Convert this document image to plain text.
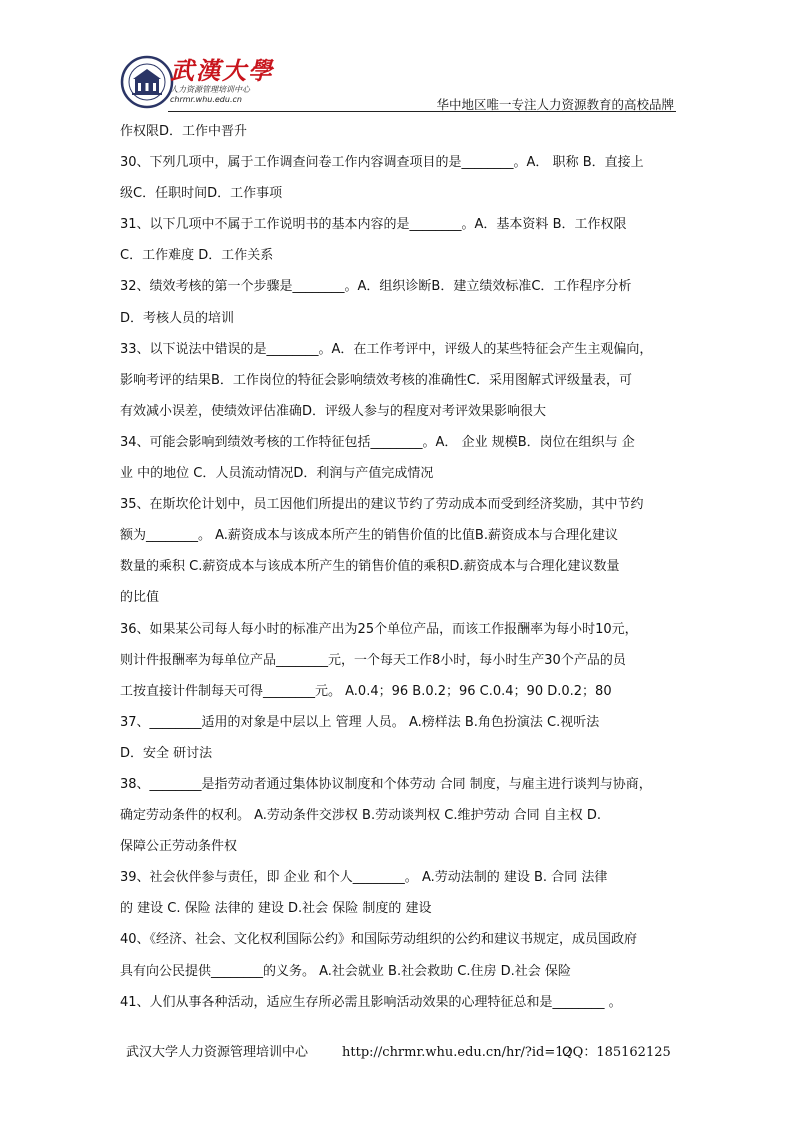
武漢大學
人力资源管理培训中心
chrmr.whu.edu.cn	华中地区唯一专注人力资源教育的高校品牌
作权限D．工作中晋升
30、下列几项中，属于工作调查问卷工作内容调查项目的是________。A． 职称 B．直接上
级C．任职时间D．工作事项
31、以下几项中不属于工作说明书的基本内容的是________。A．基本资料 B．工作权限
C．工作难度 D．工作关系
32、绩效考核的第一个步骤是________。A．组织诊断B．建立绩效标准C．工作程序分析
D．考核人员的培训
33、以下说法中错误的是________。A．在工作考评中，评级人的某些特征会产生主观偏向，
影响考评的结果B．工作岗位的特征会影响绩效考核的准确性C．采用图解式评级量表，可
有效减小误差，使绩效评估准确D．评级人参与的程度对考评效果影响很大
34、可能会影响到绩效考核的工作特征包括________。A． 企业 规模B．岗位在组织与 企
业 中的地位 C．人员流动情况D．利润与产值完成情况
35、在斯坎伦计划中，员工因他们所提出的建议节约了劳动成本而受到经济奖励，其中节约
额为________。 A.薪资成本与该成本所产生的销售价值的比值B.薪资成本与合理化建议
数量的乘积 C.薪资成本与该成本所产生的销售价值的乘积D.薪资成本与合理化建议数量
的比值
36、如果某公司每人每小时的标准产出为25个单位产品，而该工作报酬率为每小时10元，
则计件报酬率为每单位产品________元，一个每天工作8小时，每小时生产30个产品的员
工按直接计件制每天可得________元。 A.0.4；96 B.0.2；96 C.0.4；90 D.0.2；80
37、________适用的对象是中层以上 管理 人员。 A.榜样法 B.角色扮演法 C.视听法
D．安全 研讨法
38、________是指劳动者通过集体协议制度和个体劳动 合同 制度，与雇主进行谈判与协商，
确定劳动条件的权利。 A.劳动条件交涉权 B.劳动谈判权 C.维护劳动 合同 自主权 D.
保障公正劳动条件权
39、社会伙伴参与责任，即 企业 和个人________。 A.劳动法制的 建设 B. 合同 法律
的 建设 C. 保险 法律的 建设 D.社会 保险 制度的 建设
40、《经济、社会、文化权利国际公约》和国际劳动组织的公约和建议书规定，成员国政府
具有向公民提供________的义务。 A.社会就业 B.社会救助 C.住房 D.社会 保险
41、人们从事各种活动，适应生存所必需且影响活动效果的心理特征总和是________ 。
武汉大学人力资源管理培训中心	http://chrmr.whu.edu.cn/hr/?id=12QQ：185162125
